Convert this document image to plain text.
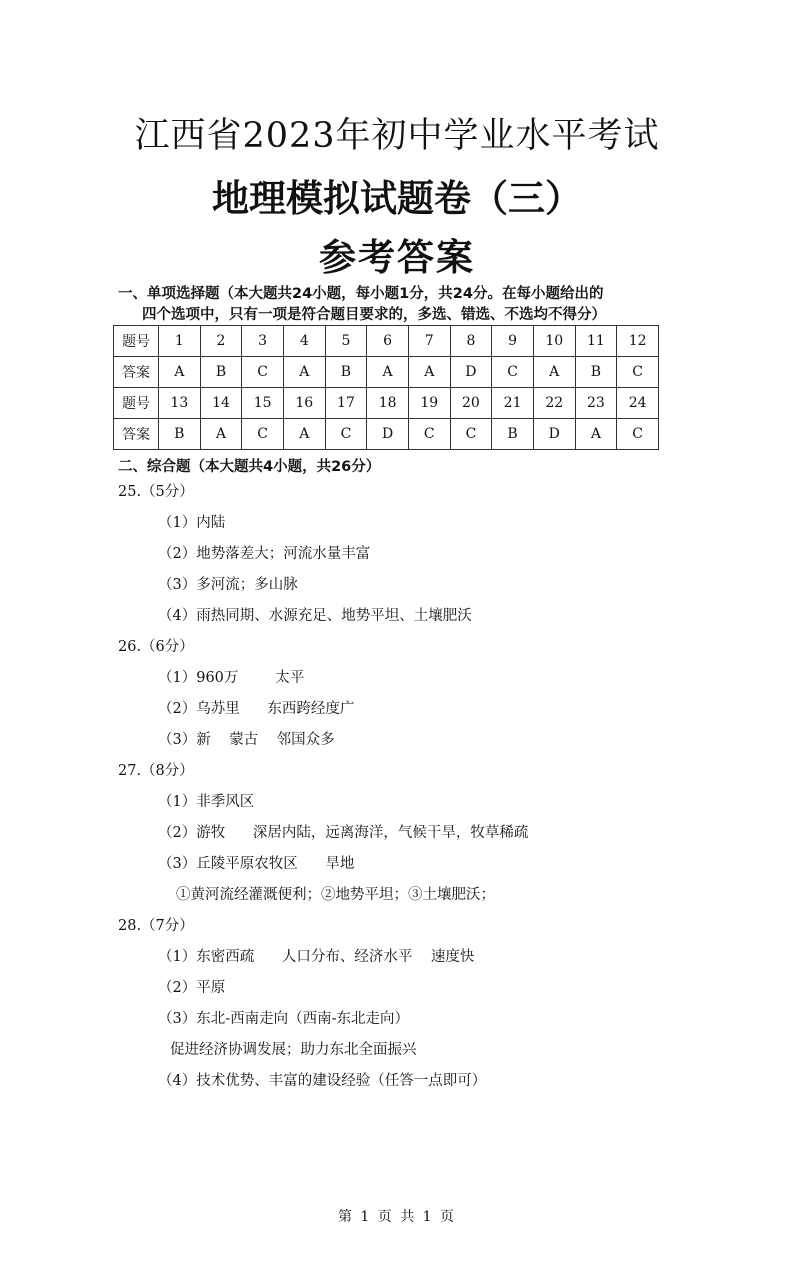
江西省2023年初中学业水平考试
地理模拟试题卷（三）
参考答案
一、单项选择题（本大题共24小题，每小题1分，共24分。在每小题给出的
四个选项中，只有一项是符合题目要求的，多选、错选、不选均不得分）
题号	1	2	3	4	5	6	7	8	9	10	11	12
答案	A	B	C	A	B	A	A	D	C	A	B	C
题号	13	14	15	16	17	18	19	20	21	22	23	24
答案	B	A	C	A	C	D	C	C	B	D	A	C
二、综合题（本大题共4小题，共26分）
25.（5分）
（1）内陆
（2）地势落差大；河流水量丰富
（3）多河流；多山脉
（4）雨热同期、水源充足、地势平坦、土壤肥沃
26.（6分）
（1）960万        太平
（2）乌苏里      东西跨经度广
（3）新    蒙古    邻国众多
27.（8分）
（1）非季风区
（2）游牧      深居内陆，远离海洋，气候干旱，牧草稀疏
（3）丘陵平原农牧区      旱地
①黄河流经灌溉便利；②地势平坦；③土壤肥沃；
28.（7分）
（1）东密西疏      人口分布、经济水平    速度快
（2）平原
（3）东北-西南走向（西南-东北走向）
促进经济协调发展；助力东北全面振兴
（4）技术优势、丰富的建设经验（任答一点即可）
第 1 页 共 1 页
